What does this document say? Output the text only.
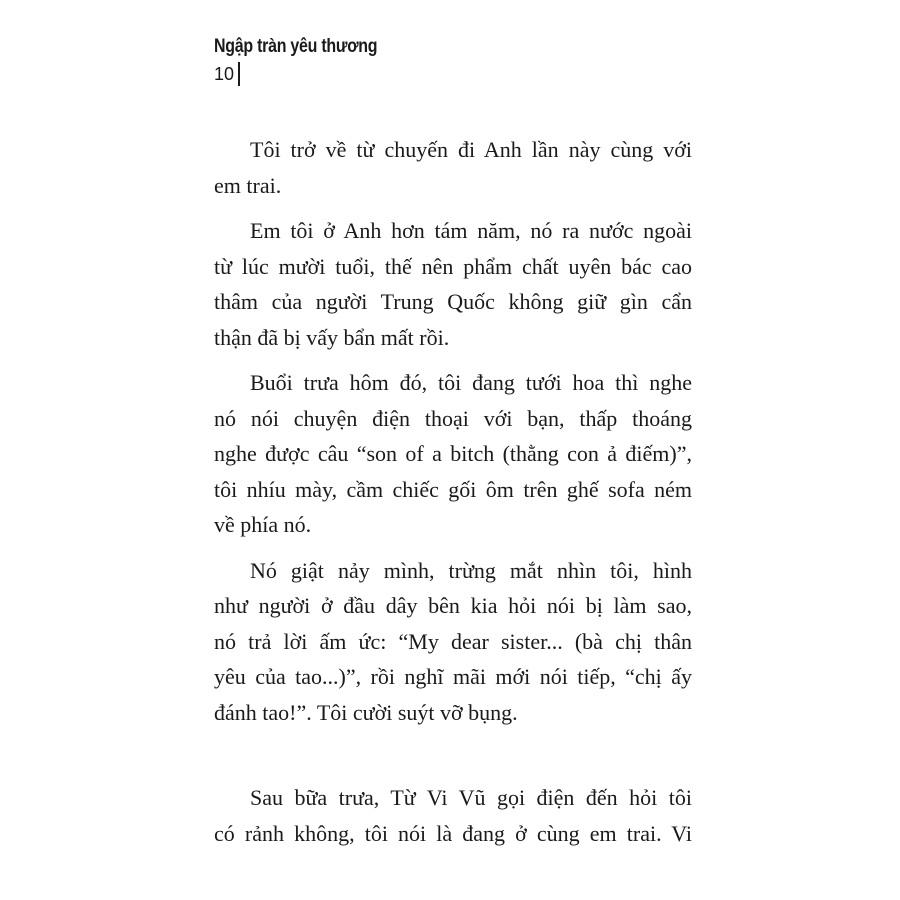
Ngập tràn yêu thương
10
Tôi trở về từ chuyến đi Anh lần này cùng với
em trai.
Em tôi ở Anh hơn tám năm, nó ra nước ngoài
từ lúc mười tuổi, thế nên phẩm chất uyên bác cao
thâm của người Trung Quốc không giữ gìn cẩn
thận đã bị vấy bẩn mất rồi.
Buổi trưa hôm đó, tôi đang tưới hoa thì nghe
nó nói chuyện điện thoại với bạn, thấp thoáng
nghe được câu “son of a bitch (thằng con ả điếm)”,
tôi nhíu mày, cầm chiếc gối ôm trên ghế sofa ném
về phía nó.
Nó giật nảy mình, trừng mắt nhìn tôi, hình
như người ở đầu dây bên kia hỏi nói bị làm sao,
nó trả lời ấm ức: “My dear sister... (bà chị thân
yêu của tao...)”, rồi nghĩ mãi mới nói tiếp, “chị ấy
đánh tao!”. Tôi cười suýt vỡ bụng.
Sau bữa trưa, Từ Vi Vũ gọi điện đến hỏi tôi
có rảnh không, tôi nói là đang ở cùng em trai. Vi
